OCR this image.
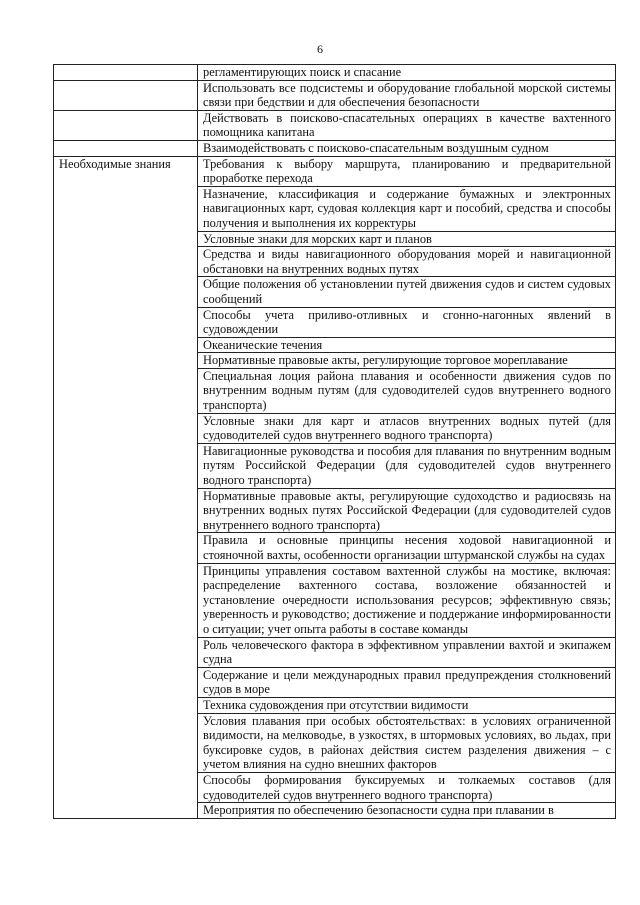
6
	регламентирующих поиск и спасание
	Использовать все подсистемы и оборудование глобальной морской системы связи при бедствии и для обеспечения безопасности
	Действовать в поисково-спасательных операциях в качестве вахтенного помощника капитана
	Взаимодействовать с поисково-спасательным воздушным судном
Необходимые знания	Требования к выбору маршрута, планированию и предварительной проработке перехода
	Назначение, классификация и содержание бумажных и электронных навигационных карт, судовая коллекция карт и пособий, средства и способы получения и выполнения их корректуры
	Условные знаки для морских карт и планов
	Средства и виды навигационного оборудования морей и навигационной обстановки на внутренних водных путях
	Общие положения об установлении путей движения судов и систем судовых сообщений
	Способы учета приливо-отливных и сгонно-нагонных явлений в судовождении
	Океанические течения
	Нормативные правовые акты, регулирующие торговое мореплавание
	Специальная лоция района плавания и особенности движения судов по внутренним водным путям (для судоводителей судов внутреннего водного транспорта)
	Условные знаки для карт и атласов внутренних водных путей (для судоводителей судов внутреннего водного транспорта)
	Навигационные руководства и пособия для плавания по внутренним водным путям Российской Федерации (для судоводителей судов внутреннего водного транспорта)
	Нормативные правовые акты, регулирующие судоходство и радиосвязь на внутренних водных путях Российской Федерации (для судоводителей судов внутреннего водного транспорта)
	Правила и основные принципы несения ходовой навигационной и стояночной вахты, особенности организации штурманской службы на судах
	Принципы управления составом вахтенной службы на мостике, включая: распределение вахтенного состава, возложение обязанностей и установление очередности использования ресурсов; эффективную связь; уверенность и руководство; достижение и поддержание информированности о ситуации; учет опыта работы в составе команды
	Роль человеческого фактора в эффективном управлении вахтой и экипажем судна
	Содержание и цели международных правил предупреждения столкновений судов в море
	Техника судовождения при отсутствии видимости
	Условия плавания при особых обстоятельствах: в условиях ограниченной видимости, на мелководье, в узкостях, в штормовых условиях, во льдах, при буксировке судов, в районах действия систем разделения движения – с учетом влияния на судно внешних факторов
	Способы формирования буксируемых и толкаемых составов (для судоводителей судов внутреннего водного транспорта)
	Мероприятия по обеспечению безопасности судна при плавании в
